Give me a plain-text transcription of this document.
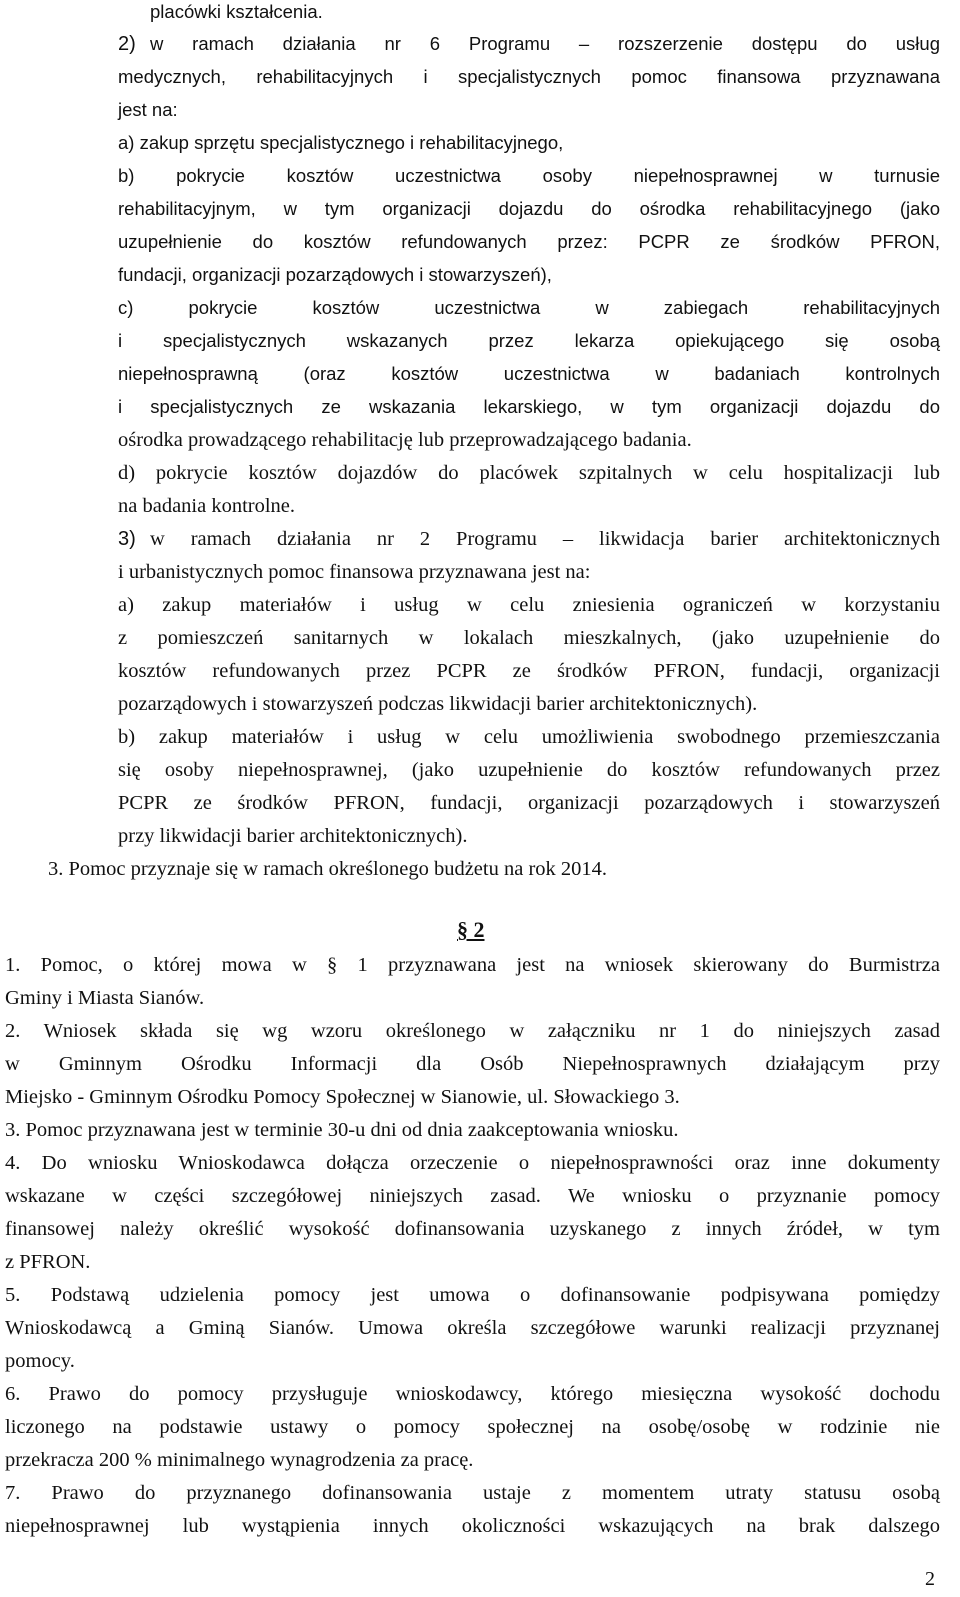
placówki kształcenia.
2) w ramach działania nr 6 Programu – rozszerzenie dostępu do usług
medycznych, rehabilitacyjnych i specjalistycznych pomoc finansowa przyznawana
jest na:
a) zakup sprzętu specjalistycznego i rehabilitacyjnego,
b) pokrycie kosztów uczestnictwa osoby niepełnosprawnej w turnusie
rehabilitacyjnym, w tym organizacji dojazdu do ośrodka rehabilitacyjnego (jako
uzupełnienie do kosztów refundowanych przez: PCPR ze środków PFRON,
fundacji, organizacji pozarządowych i stowarzyszeń),
c) pokrycie kosztów uczestnictwa w zabiegach rehabilitacyjnych
i specjalistycznych wskazanych przez lekarza opiekującego się osobą
niepełnosprawną (oraz kosztów uczestnictwa w badaniach kontrolnych
i specjalistycznych ze wskazania lekarskiego, w tym organizacji dojazdu do
ośrodka prowadzącego rehabilitację lub przeprowadzającego badania.
d) pokrycie kosztów dojazdów do placówek szpitalnych w celu hospitalizacji lub
na badania kontrolne.
3) w ramach działania nr 2 Programu – likwidacja barier architektonicznych
i urbanistycznych pomoc finansowa przyznawana jest na:
a) zakup materiałów i usług w celu zniesienia ograniczeń w korzystaniu
z pomieszczeń sanitarnych w lokalach mieszkalnych, (jako uzupełnienie do
kosztów refundowanych przez PCPR ze środków PFRON, fundacji, organizacji
pozarządowych i stowarzyszeń podczas likwidacji barier architektonicznych).
b) zakup materiałów i usług w celu umożliwienia swobodnego przemieszczania
się osoby niepełnosprawnej, (jako uzupełnienie do kosztów refundowanych przez
PCPR ze środków PFRON, fundacji, organizacji pozarządowych i stowarzyszeń
przy likwidacji barier architektonicznych).
3. Pomoc przyznaje się w ramach określonego budżetu na rok 2014.
§ 2
1. Pomoc, o której mowa w § 1 przyznawana jest na wniosek skierowany do Burmistrza
Gminy i Miasta Sianów.
2. Wniosek składa się wg wzoru określonego w załączniku nr 1 do niniejszych zasad
w Gminnym Ośrodku Informacji dla Osób Niepełnosprawnych działającym przy
Miejsko - Gminnym Ośrodku Pomocy Społecznej w Sianowie, ul. Słowackiego 3.
3. Pomoc przyznawana jest w terminie 30-u dni od dnia zaakceptowania wniosku.
4. Do wniosku Wnioskodawca dołącza orzeczenie o niepełnosprawności oraz inne dokumenty
wskazane w części szczegółowej niniejszych zasad. We wniosku o przyznanie pomocy
finansowej należy określić wysokość dofinansowania uzyskanego z innych źródeł, w tym
z PFRON.
5. Podstawą udzielenia pomocy jest umowa o dofinansowanie podpisywana pomiędzy
Wnioskodawcą a Gminą Sianów. Umowa określa szczegółowe warunki realizacji przyznanej
pomocy.
6. Prawo do pomocy przysługuje wnioskodawcy, którego miesięczna wysokość dochodu
liczonego na podstawie ustawy o pomocy społecznej na osobę/osobę w rodzinie nie
przekracza 200 % minimalnego wynagrodzenia za pracę.
7. Prawo do przyznanego dofinansowania ustaje z momentem utraty statusu osobą
niepełnosprawnej lub wystąpienia innych okoliczności wskazujących na brak dalszego
2
